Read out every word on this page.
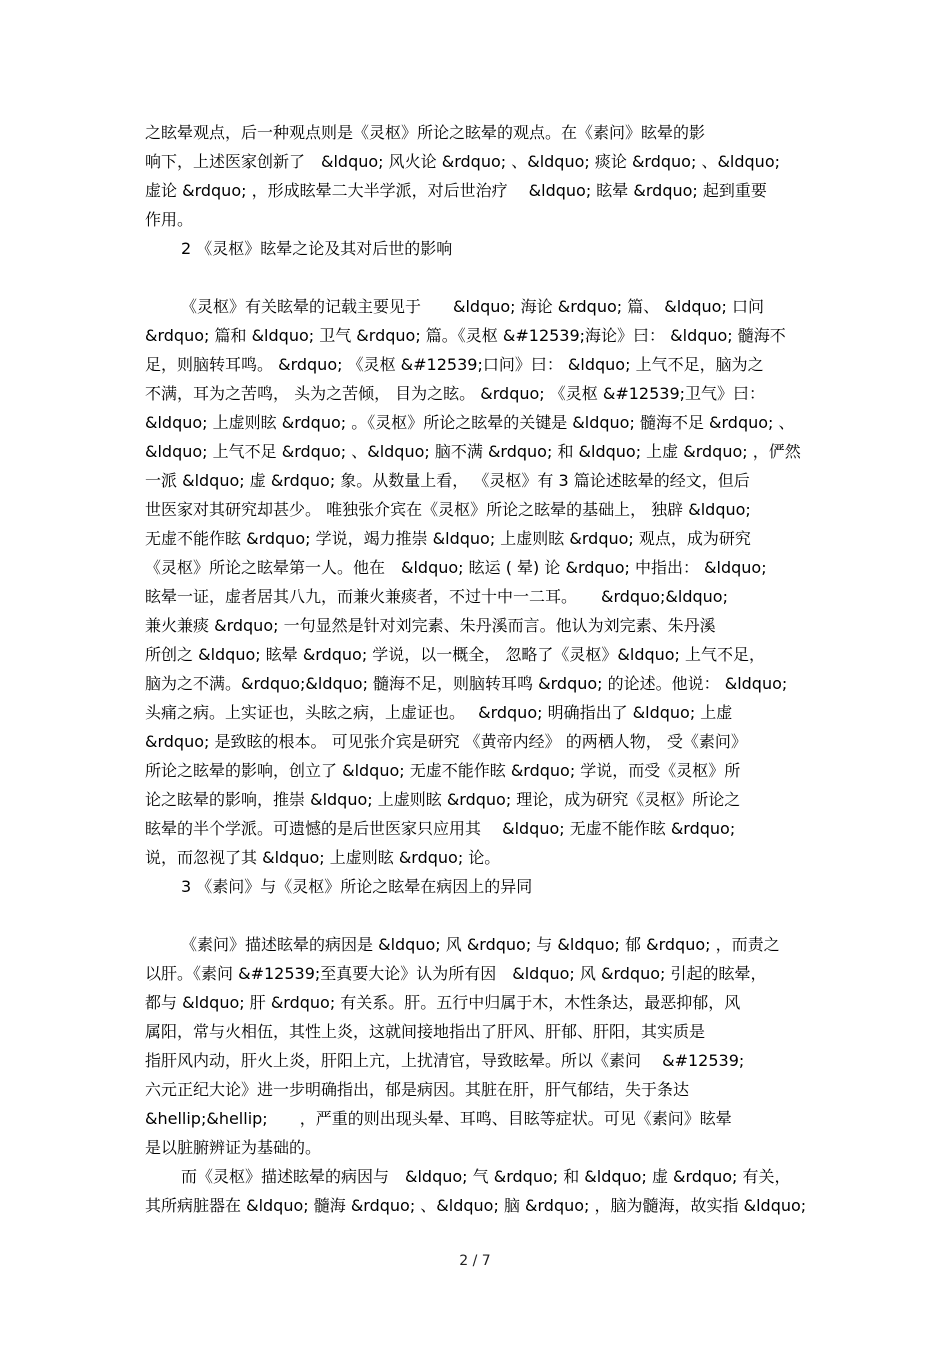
之眩晕观点，后一种观点则是《灵枢》所论之眩晕的观点。在《素问》眩晕的影
响下，上述医家创新了　&ldquo; 风火论 &rdquo; 、&ldquo; 痰论 &rdquo; 、&ldquo;
虚论 &rdquo; ，形成眩晕二大半学派，对后世治疗　 &ldquo; 眩晕 &rdquo; 起到重要
作用。
2 《灵枢》眩晕之论及其对后世的影响
《灵枢》有关眩晕的记载主要见于　　&ldquo; 海论 &rdquo; 篇、 &ldquo; 口问
&rdquo; 篇和 &ldquo; 卫气 &rdquo; 篇。《灵枢 &#12539;海论》曰： &ldquo; 髓海不
足，则脑转耳鸣。 &rdquo; 《灵枢 &#12539;口问》曰： &ldquo; 上气不足，脑为之
不满，耳为之苦鸣， 头为之苦倾， 目为之眩。 &rdquo; 《灵枢 &#12539;卫气》曰：
&ldquo; 上虚则眩 &rdquo; 。《灵枢》所论之眩晕的关键是 &ldquo; 髓海不足 &rdquo; 、
&ldquo; 上气不足 &rdquo; 、&ldquo; 脑不满 &rdquo; 和 &ldquo; 上虚 &rdquo; ，俨然
一派 &ldquo; 虚 &rdquo; 象。从数量上看， 《灵枢》有 3 篇论述眩晕的经文，但后
世医家对其研究却甚少。 唯独张介宾在《灵枢》所论之眩晕的基础上， 独辟 &ldquo;
无虚不能作眩 &rdquo; 学说，竭力推崇 &ldquo; 上虚则眩 &rdquo; 观点，成为研究
《灵枢》所论之眩晕第一人。他在　&ldquo; 眩运 ( 晕) 论 &rdquo; 中指出： &ldquo;
眩晕一证，虚者居其八九，而兼火兼痰者，不过十中一二耳。　　&rdquo;&ldquo;
兼火兼痰 &rdquo; 一句显然是针对刘完素、朱丹溪而言。他认为刘完素、朱丹溪
所创之 &ldquo; 眩晕 &rdquo; 学说，以一概全， 忽略了《灵枢》&ldquo; 上气不足，
脑为之不满。&rdquo;&ldquo; 髓海不足，则脑转耳鸣 &rdquo; 的论述。他说： &ldquo;
头痛之病。上实证也，头眩之病，上虚证也。　 &rdquo; 明确指出了 &ldquo; 上虚
&rdquo; 是致眩的根本。 可见张介宾是研究 《黄帝内经》 的两栖人物， 受《素问》
所论之眩晕的影响，创立了 &ldquo; 无虚不能作眩 &rdquo; 学说，而受《灵枢》所
论之眩晕的影响，推崇 &ldquo; 上虚则眩 &rdquo; 理论，成为研究《灵枢》所论之
眩晕的半个学派。可遗憾的是后世医家只应用其　 &ldquo; 无虚不能作眩 &rdquo;
说，而忽视了其 &ldquo; 上虚则眩 &rdquo; 论。
3 《素问》与《灵枢》所论之眩晕在病因上的异同
《素问》描述眩晕的病因是 &ldquo; 风 &rdquo; 与 &ldquo; 郁 &rdquo; ，而责之
以肝。《素问 &#12539;至真要大论》认为所有因　&ldquo; 风 &rdquo; 引起的眩晕，
都与 &ldquo; 肝 &rdquo; 有关系。肝。五行中归属于木，木性条达，最恶抑郁，风
属阳，常与火相伍，其性上炎，这就间接地指出了肝风、肝郁、肝阳，其实质是
指肝风内动，肝火上炎，肝阳上亢，上扰清官，导致眩晕。所以《素问　 &#12539;
六元正纪大论》进一步明确指出，郁是病因。其脏在肝，肝气郁结，失于条达
&hellip;&hellip;　　，严重的则出现头晕、耳鸣、目眩等症状。可见《素问》眩晕
是以脏腑辨证为基础的。
而《灵枢》描述眩晕的病因与　&ldquo; 气 &rdquo; 和 &ldquo; 虚 &rdquo; 有关，
其所病脏器在 &ldquo; 髓海 &rdquo; 、&ldquo; 脑 &rdquo; ，脑为髓海，故实指 &ldquo;
2 / 7
